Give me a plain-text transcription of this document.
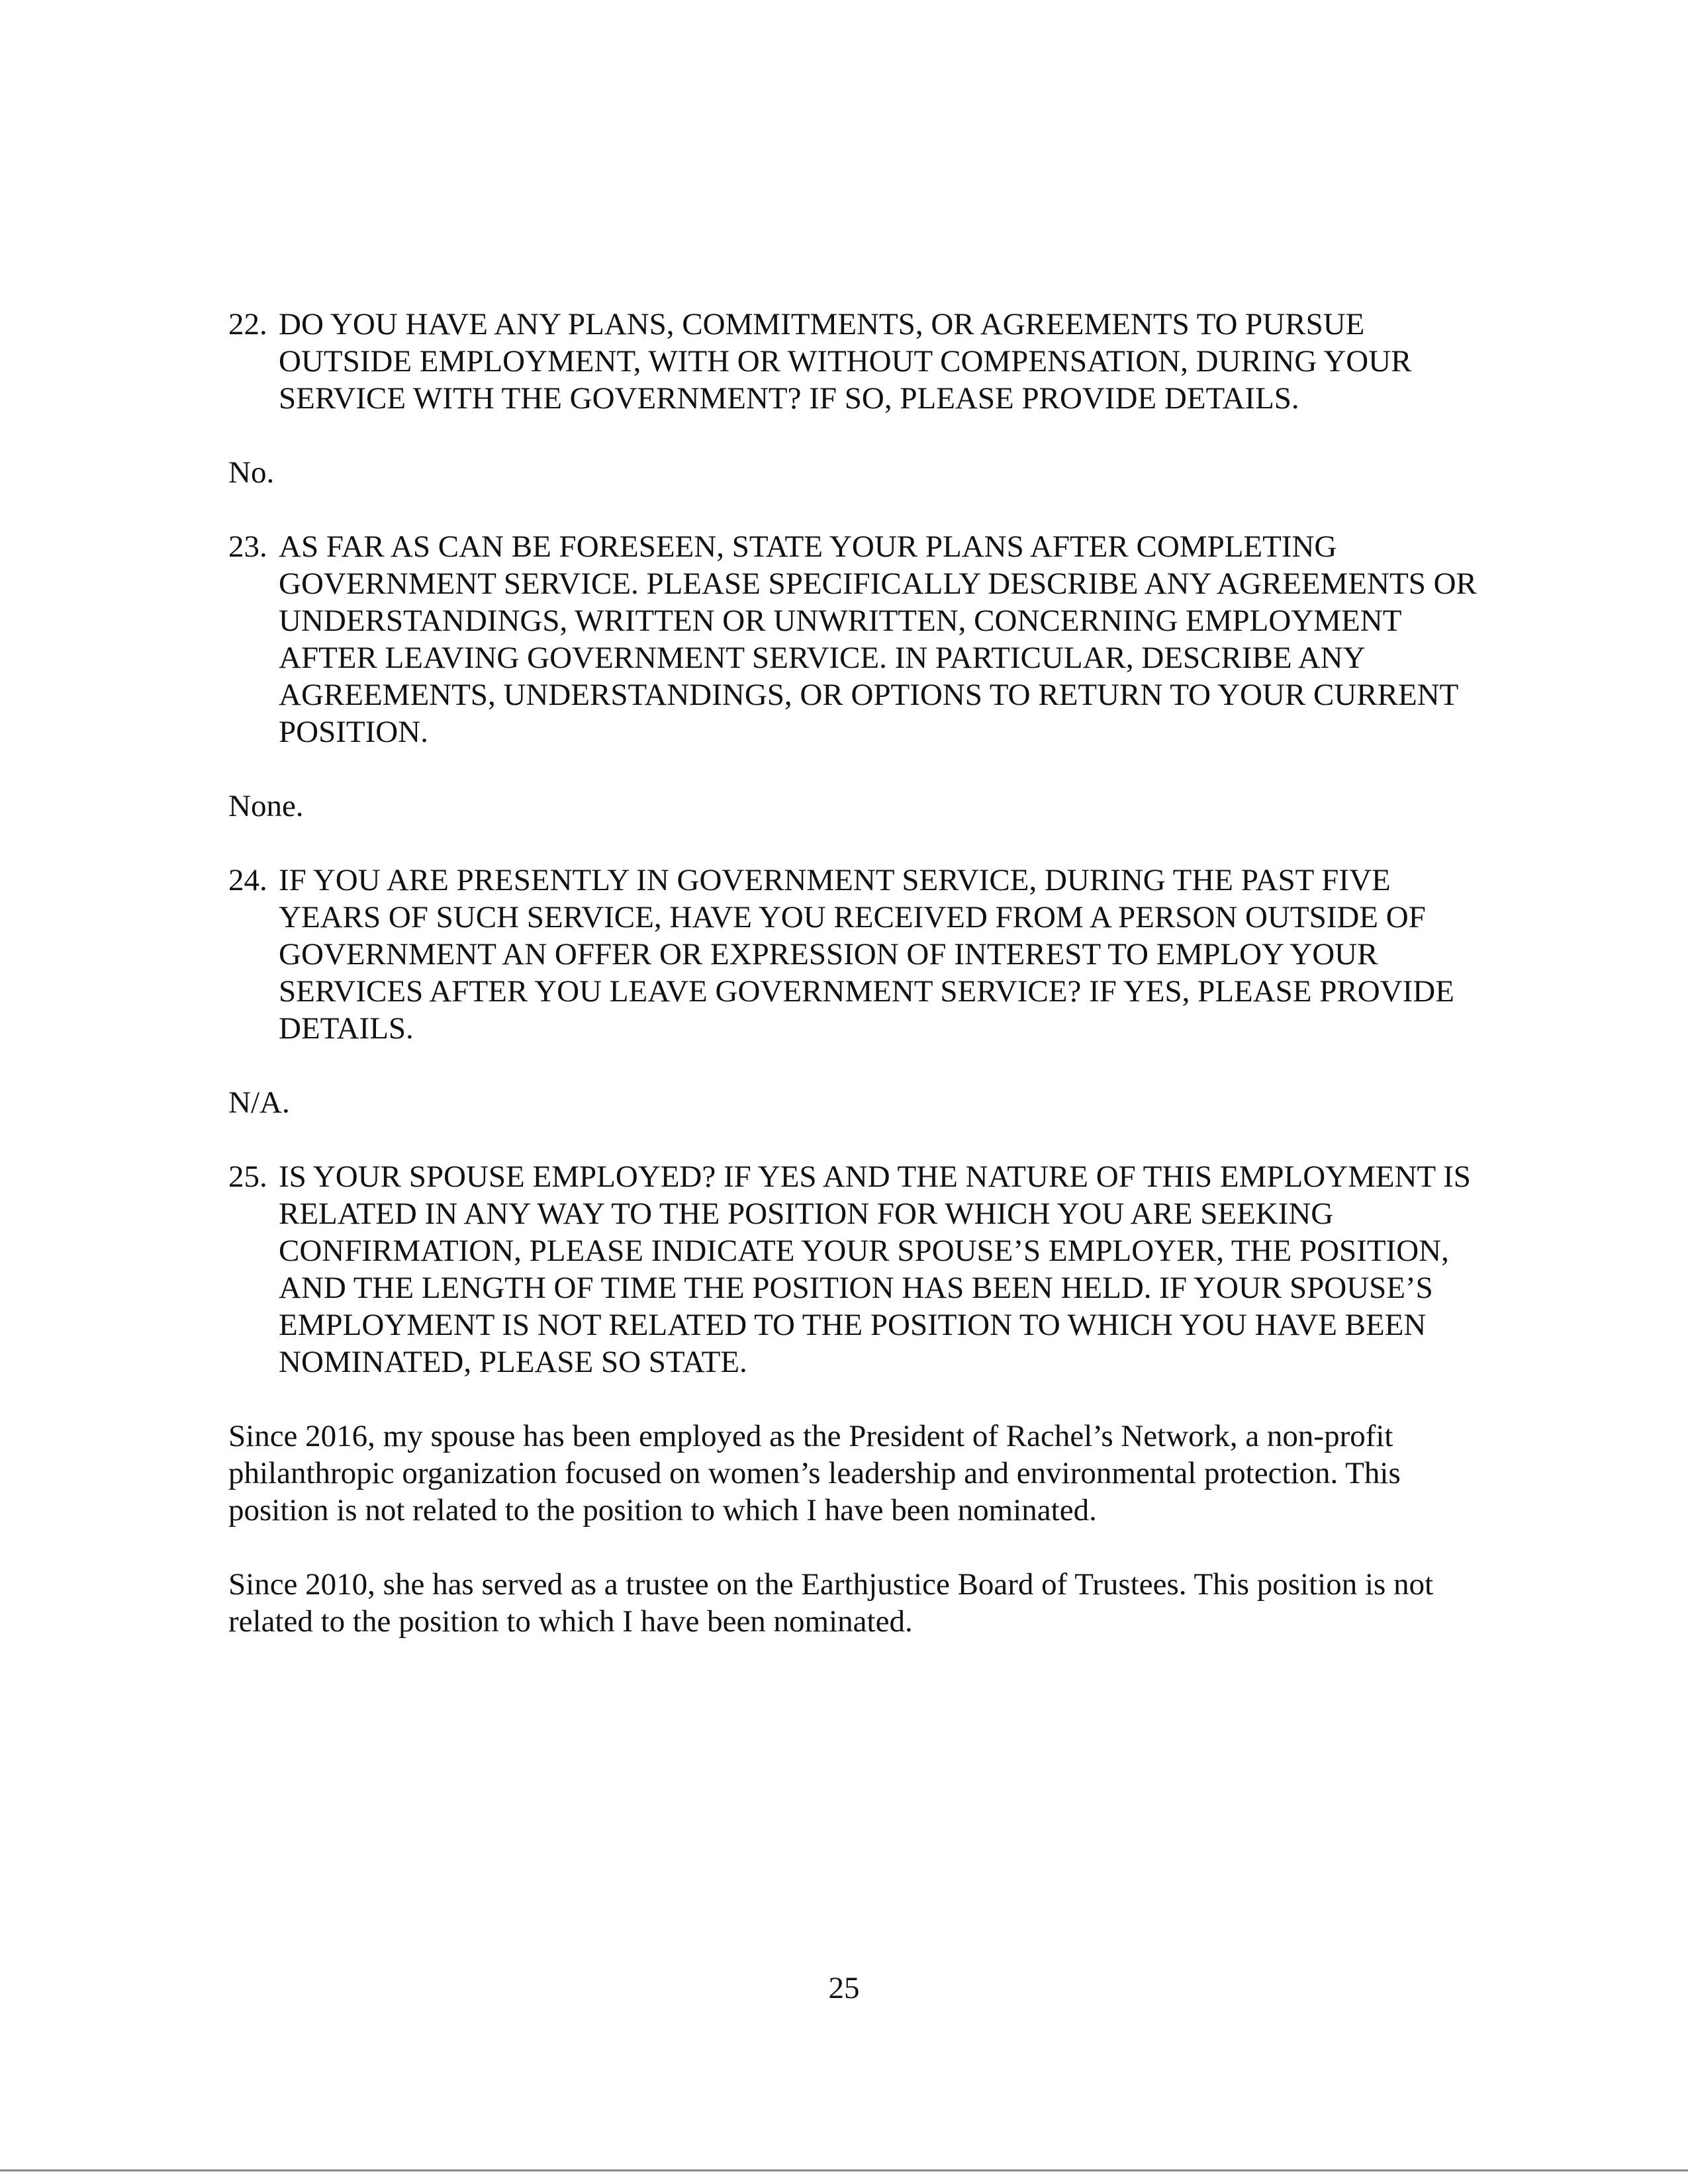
22. DO YOU HAVE ANY PLANS, COMMITMENTS, OR AGREEMENTS TO PURSUE
OUTSIDE EMPLOYMENT, WITH OR WITHOUT COMPENSATION, DURING YOUR
SERVICE WITH THE GOVERNMENT? IF SO, PLEASE PROVIDE DETAILS.
No.
23. AS FAR AS CAN BE FORESEEN, STATE YOUR PLANS AFTER COMPLETING
GOVERNMENT SERVICE. PLEASE SPECIFICALLY DESCRIBE ANY AGREEMENTS OR
UNDERSTANDINGS, WRITTEN OR UNWRITTEN, CONCERNING EMPLOYMENT
AFTER LEAVING GOVERNMENT SERVICE. IN PARTICULAR, DESCRIBE ANY
AGREEMENTS, UNDERSTANDINGS, OR OPTIONS TO RETURN TO YOUR CURRENT
POSITION.
None.
24. IF YOU ARE PRESENTLY IN GOVERNMENT SERVICE, DURING THE PAST FIVE
YEARS OF SUCH SERVICE, HAVE YOU RECEIVED FROM A PERSON OUTSIDE OF
GOVERNMENT AN OFFER OR EXPRESSION OF INTEREST TO EMPLOY YOUR
SERVICES AFTER YOU LEAVE GOVERNMENT SERVICE? IF YES, PLEASE PROVIDE
DETAILS.
N/A.
25. IS YOUR SPOUSE EMPLOYED? IF YES AND THE NATURE OF THIS EMPLOYMENT IS
RELATED IN ANY WAY TO THE POSITION FOR WHICH YOU ARE SEEKING
CONFIRMATION, PLEASE INDICATE YOUR SPOUSE’S EMPLOYER, THE POSITION,
AND THE LENGTH OF TIME THE POSITION HAS BEEN HELD. IF YOUR SPOUSE’S
EMPLOYMENT IS NOT RELATED TO THE POSITION TO WHICH YOU HAVE BEEN
NOMINATED, PLEASE SO STATE.
Since 2016, my spouse has been employed as the President of Rachel’s Network, a non-profit
philanthropic organization focused on women’s leadership and environmental protection. This
position is not related to the position to which I have been nominated.
Since 2010, she has served as a trustee on the Earthjustice Board of Trustees. This position is not
related to the position to which I have been nominated.
25
